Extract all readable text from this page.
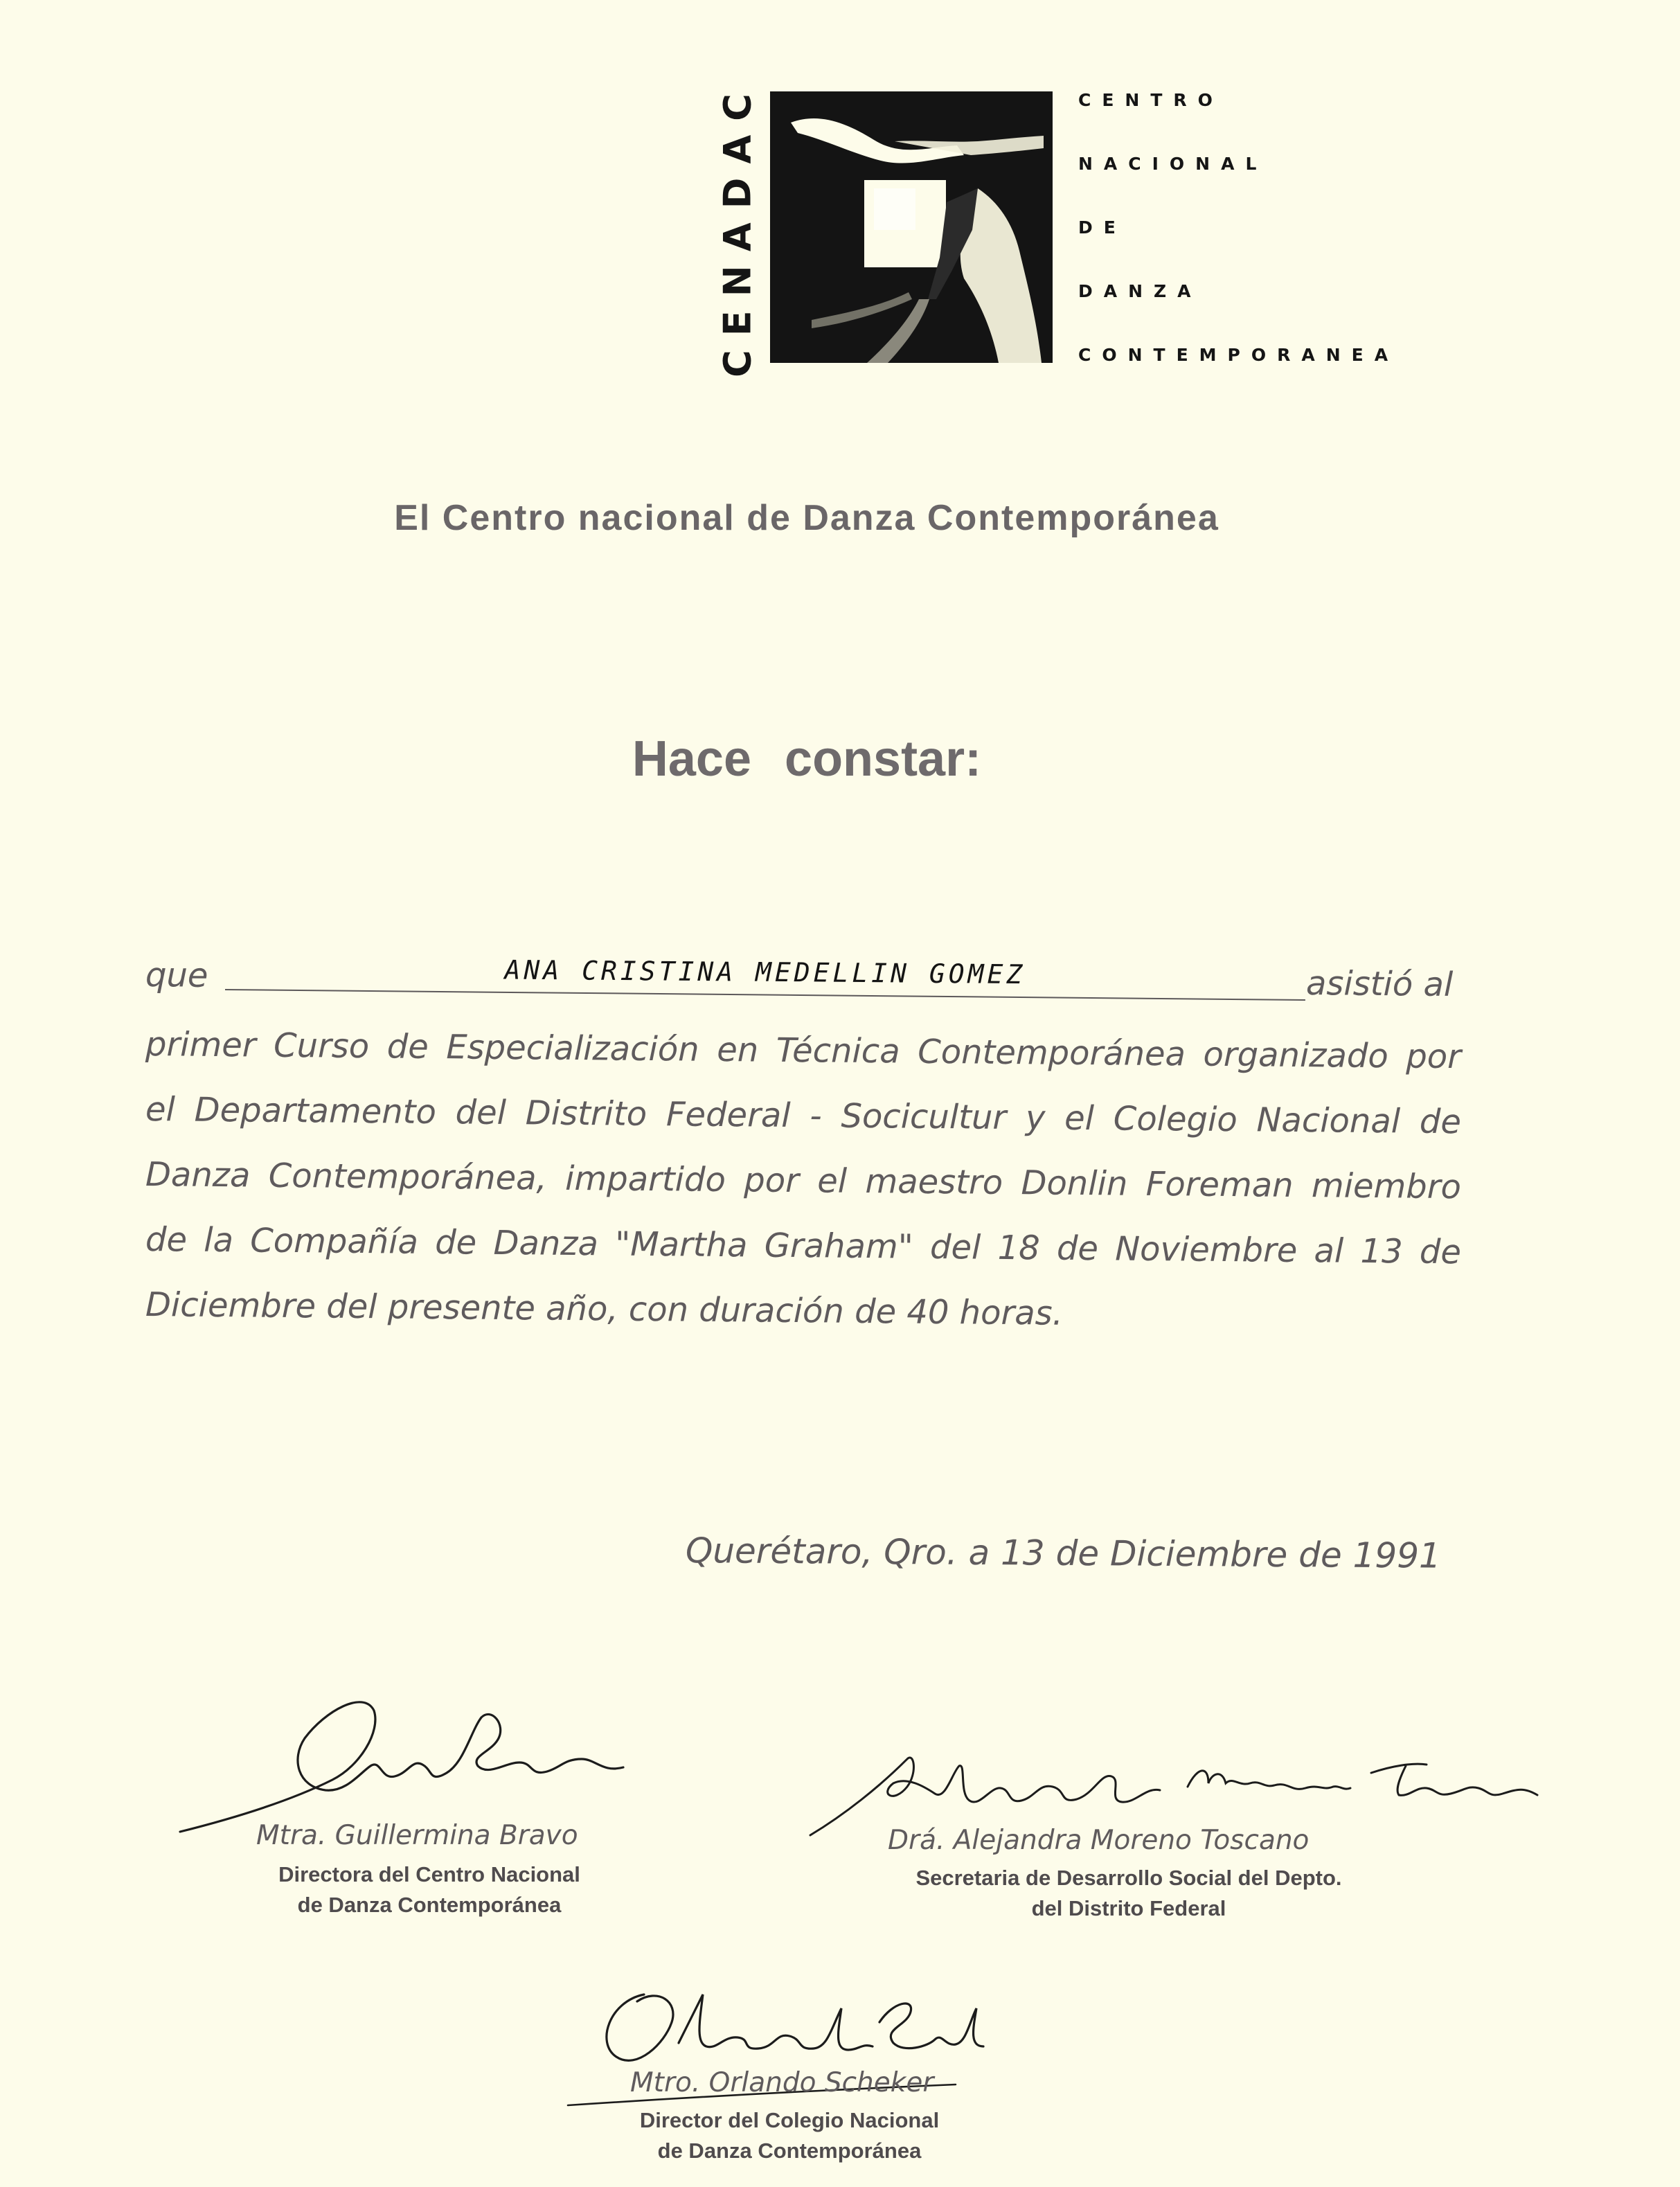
CENADAC	CENTRO
NACIONAL
DE
DANZA
CONTEMPORANEA
El Centro nacional de Danza Contemporánea
Hace constar:
que	ANA CRISTINA MEDELLIN GOMEZ	asistió al
primer Curso de Especialización en Técnica Contemporánea organizado por
el Departamento del Distrito Federal - Socicultur y el Colegio Nacional de
Danza Contemporánea, impartido por el maestro Donlin Foreman miembro
de la Compañía de Danza "Martha Graham" del 18 de Noviembre al 13 de
Diciembre del presente año, con duración de 40 horas.
Querétaro, Qro. a 13 de Diciembre de 1991
Mtra. Guillermina Bravo
Directora del Centro Nacional
de Danza Contemporánea
Drá. Alejandra Moreno Toscano
Secretaria de Desarrollo Social del Depto.
del Distrito Federal
Mtro. Orlando Scheker
Director del Colegio Nacional
de Danza Contemporánea
